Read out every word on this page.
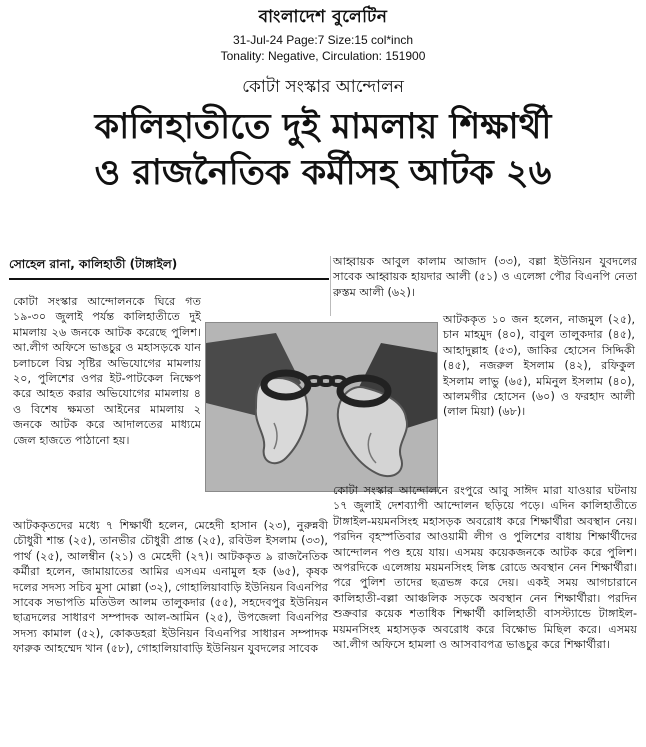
বাংলাদেশ বুলেটিন
31-Jul-24 Page:7 Size:15 col*inch
Tonality: Negative, Circulation: 151900
কোটা সংস্কার আন্দোলন
কালিহাতীতে দুই মামলায় শিক্ষার্থী
ও রাজনৈতিক কর্মীসহ আটক ২৬
সোহেল রানা, কালিহাতী (টাঙ্গাইল)
কোটা সংস্কার আন্দোলনকে ঘিরে গত ১৯-৩০ জুলাই পর্যন্ত কালিহাতীতে দুই মামলায় ২৬ জনকে আটক করেছে পুলিশ। আ.লীগ অফিসে ভাঙচুর ও মহাসড়কে যান চলাচলে বিঘ্ন সৃষ্টির অভিযোগের মামলায় ২০, পুলিশের ওপর ইট-পাটকেল নিক্ষেপ করে আহত করার অভিযোগের মামলায় ৪ ও বিশেষ ক্ষমতা আইনের মামলায় ২ জনকে আটক করে আদালতের মাধ্যমে জেল হাজতে পাঠানো হয়।
আটককৃতদের মধ্যে ৭ শিক্ষার্থী হলেন, মেহেদী হাসান (২৩), নুরুন্নবী চৌধুরী শান্ত (২৫), তানভীর চৌধুরী প্রান্ত (২৫), রবিউল ইসলাম (৩৩), পার্থ (২৫), আলম্বীন (২১) ও মেহেদী (২৭)। আটককৃত ৯ রাজনৈতিক কর্মীরা হলেন, জামায়াতের আমির এসএম এনামুল হক (৬৫), কৃষক দলের সদস্য সচিব মুসা মোল্লা (৩২), গোহালিয়াবাড়ি ইউনিয়ন বিএনপির সাবেক সভাপতি মতিউল আলম তালুকদার (৫৫), সহদেবপুর ইউনিয়ন ছাত্রদলের সাধারণ সম্পাদক আল-আমিন (২৫), উপজেলা বিএনপির সদস্য কামাল (৫২), কোকডহরা ইউনিয়ন বিএনপির সাধারন সম্পাদক ফারুক আহম্মেদ খান (৫৮), গোহালিয়াবাড়ি ইউনিয়ন যুবদলের সাবেক
আহ্বায়ক আবুল কালাম আজাদ (৩৩), বল্লা ইউনিয়ন যুবদলের সাবেক আহ্বায়ক হায়দার আলী (৫১) ও এলেঙ্গা পৌর বিএনপি নেতা রুস্তম আলী (৬২)।
আটককৃত ১০ জন হলেন, নাজমুল (২৫), চান মাহমুদ (৪০), বাবুল তালুকদার (৪৫), আহাদুল্লাহ (৫৩), জাকির হোসেন সিদ্দিকী (৪৫), নজরুল ইসলাম (৪২), রফিকুল ইসলাম লাভু (৬৫), মমিনুল ইসলাম (৪০), আলমগীর হোসেন (৬০) ও ফরহাদ আলী (লাল মিয়া) (৬৮)।
কোটা সংস্কার আন্দোলনে রংপুরে আবু সাঈদ মারা যাওয়ার ঘটনায় ১৭ জুলাই দেশব্যাপী আন্দোলন ছড়িয়ে পড়ে। এদিন কালিহাতীতে টাঙ্গাইল-ময়মনসিংহ মহাসড়ক অবরোধ করে শিক্ষার্থীরা অবস্থান নেয়। পরদিন বৃহস্পতিবার আওয়ামী লীগ ও পুলিশের বাধায় শিক্ষার্থীদের আন্দোলন পণ্ড হয়ে যায়। এসময় কয়েকজনকে আটক করে পুলিশ। অপরদিকে এলেঙ্গায় ময়মনসিংহ লিঙ্ক রোডে অবস্থান নেন শিক্ষার্থীরা। পরে পুলিশ তাদের ছত্রভঙ্গ করে দেয়। একই সময় আগচারানে কালিহাতী-বল্লা আঞ্চলিক সড়কে অবস্থান নেন শিক্ষার্থীরা। পরদিন শুক্রবার কয়েক শতাধিক শিক্ষার্থী কালিহাতী বাসস্ট্যান্ডে টাঙ্গাইল-ময়মনসিংহ মহাসড়ক অবরোধ করে বিক্ষোভ মিছিল করে। এসময় আ.লীগ অফিসে হামলা ও আসবাবপত্র ভাঙচুর করে শিক্ষার্থীরা।
